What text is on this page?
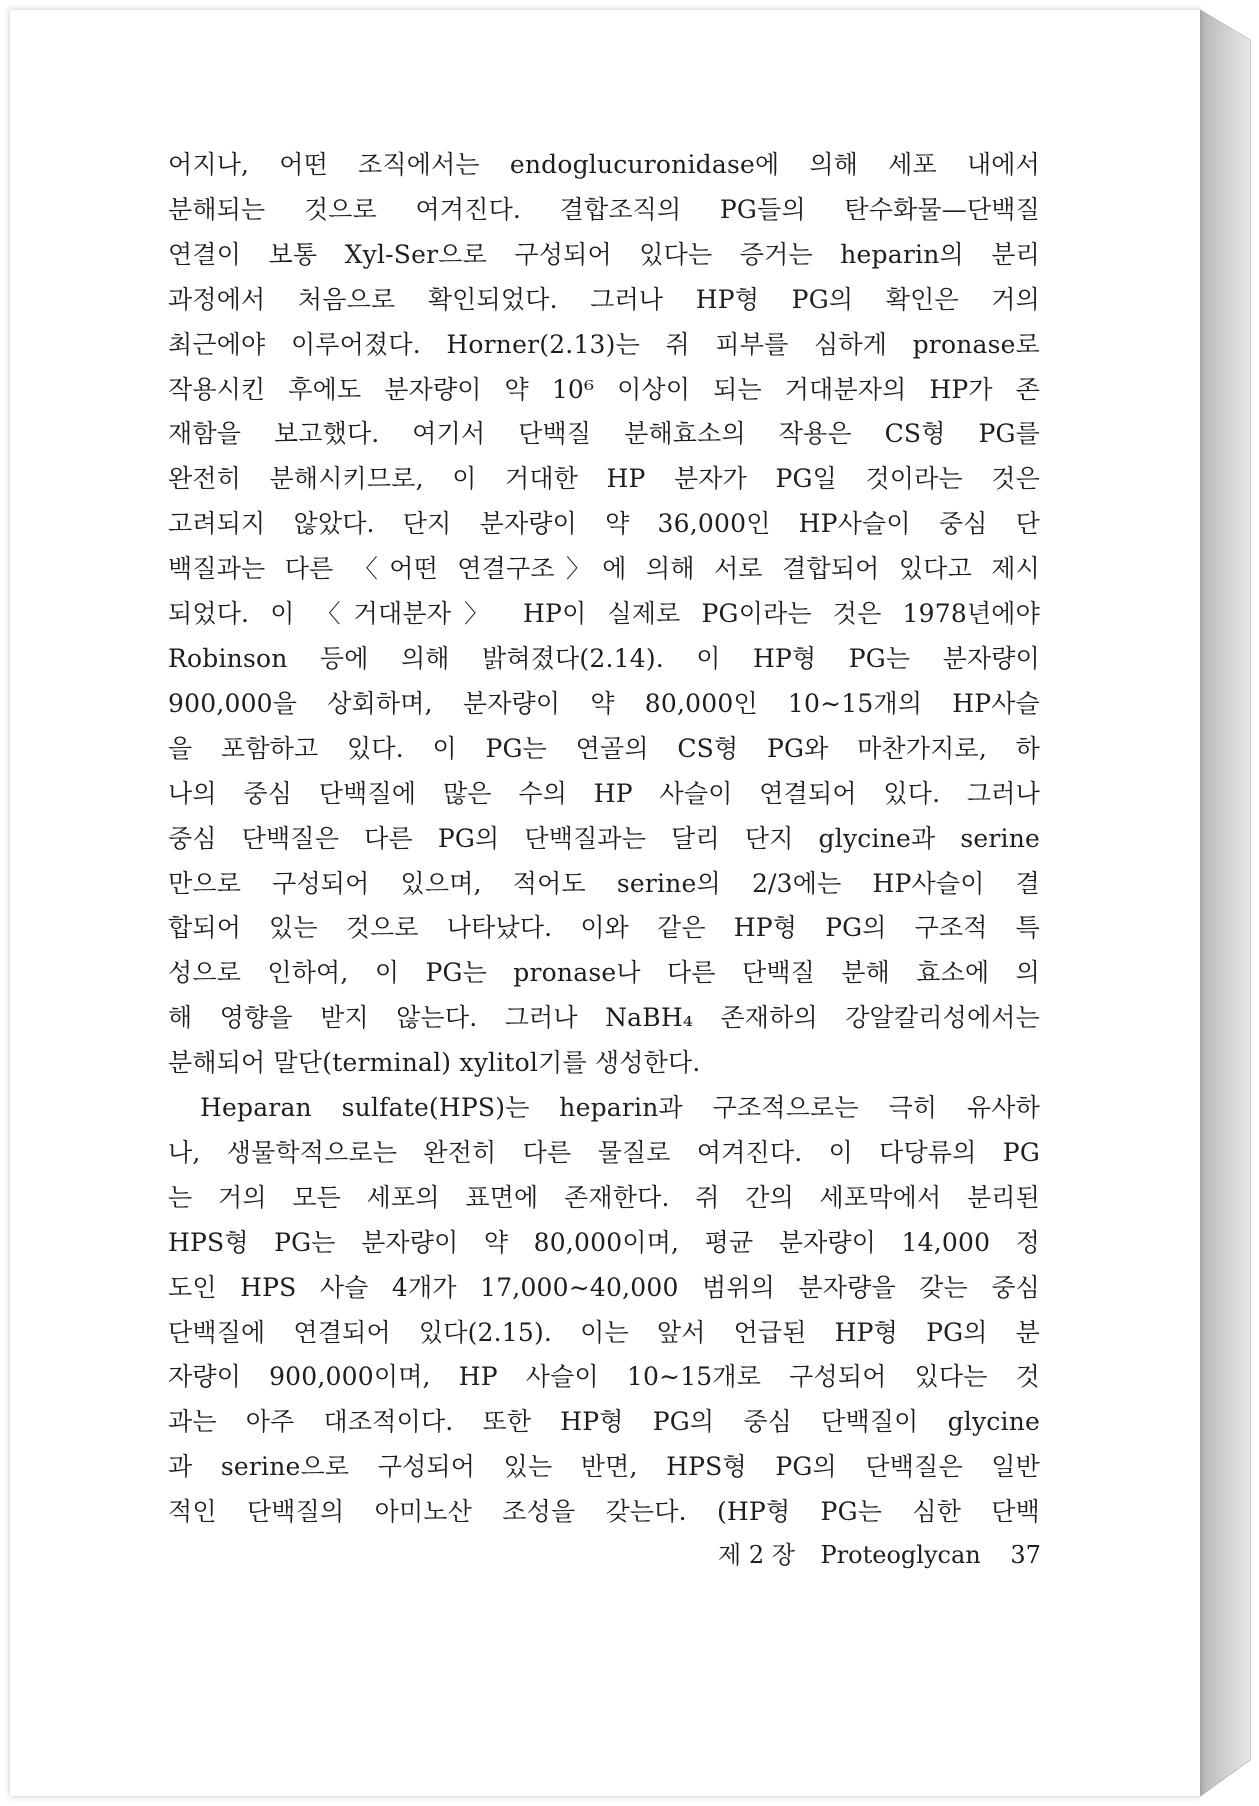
어지나, 어떤 조직에서는 endoglucuronidase에 의해 세포 내에서
분해되는 것으로 여겨진다. 결합조직의 PG들의 탄수화물—단백질
연결이 보통 Xyl-Ser으로 구성되어 있다는 증거는 heparin의 분리
과정에서 처음으로 확인되었다. 그러나 HP형 PG의 확인은 거의
최근에야 이루어졌다. Horner(2.13)는 쥐 피부를 심하게 pronase로
작용시킨 후에도 분자량이 약 10⁶ 이상이 되는 거대분자의 HP가 존
재함을 보고했다. 여기서 단백질 분해효소의 작용은 CS형 PG를
완전히 분해시키므로, 이 거대한 HP 분자가 PG일 것이라는 것은
고려되지 않았다. 단지 분자량이 약 36,000인 HP사슬이 중심 단
백질과는 다른 〈어떤 연결구조〉에 의해 서로 결합되어 있다고 제시
되었다. 이 〈거대분자〉 HP이 실제로 PG이라는 것은 1978년에야
Robinson 등에 의해 밝혀졌다(2.14). 이 HP형 PG는 분자량이
900,000을 상회하며, 분자량이 약 80,000인 10∼15개의 HP사슬
을 포함하고 있다. 이 PG는 연골의 CS형 PG와 마찬가지로, 하
나의 중심 단백질에 많은 수의 HP 사슬이 연결되어 있다. 그러나
중심 단백질은 다른 PG의 단백질과는 달리 단지 glycine과 serine
만으로 구성되어 있으며, 적어도 serine의 2/3에는 HP사슬이 결
합되어 있는 것으로 나타났다. 이와 같은 HP형 PG의 구조적 특
성으로 인하여, 이 PG는 pronase나 다른 단백질 분해 효소에 의
해 영향을 받지 않는다. 그러나 NaBH₄ 존재하의 강알칼리성에서는
분해되어 말단(terminal) xylitol기를 생성한다.
Heparan sulfate(HPS)는 heparin과 구조적으로는 극히 유사하
나, 생물학적으로는 완전히 다른 물질로 여겨진다. 이 다당류의 PG
는 거의 모든 세포의 표면에 존재한다. 쥐 간의 세포막에서 분리된
HPS형 PG는 분자량이 약 80,000이며, 평균 분자량이 14,000 정
도인 HPS 사슬 4개가 17,000∼40,000 범위의 분자량을 갖는 중심
단백질에 연결되어 있다(2.15). 이는 앞서 언급된 HP형 PG의 분
자량이 900,000이며, HP 사슬이 10∼15개로 구성되어 있다는 것
과는 아주 대조적이다. 또한 HP형 PG의 중심 단백질이 glycine
과 serine으로 구성되어 있는 반면, HPS형 PG의 단백질은 일반
적인 단백질의 아미노산 조성을 갖는다. (HP형 PG는 심한 단백
제 2 장 Proteoglycan 37
